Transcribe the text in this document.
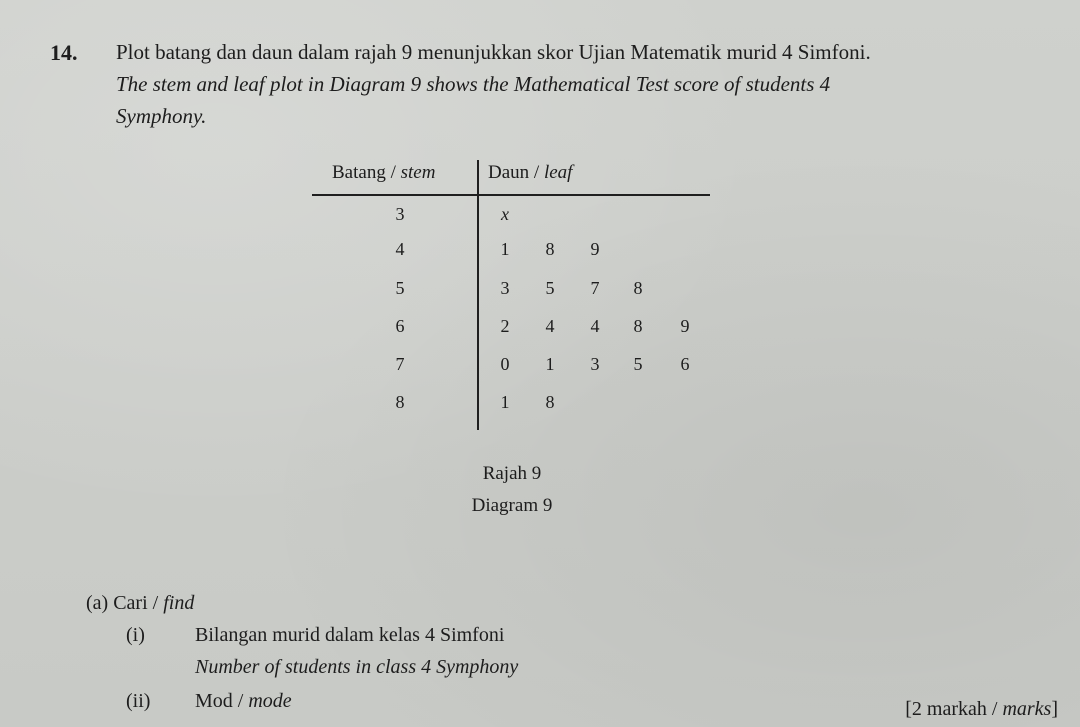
14. Plot batang dan daun dalam rajah 9 menunjukkan skor Ujian Matematik murid 4 Simfoni.
The stem and leaf plot in Diagram 9 shows the Mathematical Test score of students 4
Symphony.
Batang / stem	Daun / leaf
3	x
4	1 8 9
5	3 5 7 8
6	2 4 4 8 9
7	0 1 3 5 6
8	1 8
Rajah 9
Diagram 9
(a) Cari / find
(i)	Bilangan murid dalam kelas 4 Simfoni
Number of students in class 4 Symphony
(ii) Mod / mode	[2 markah / marks]
